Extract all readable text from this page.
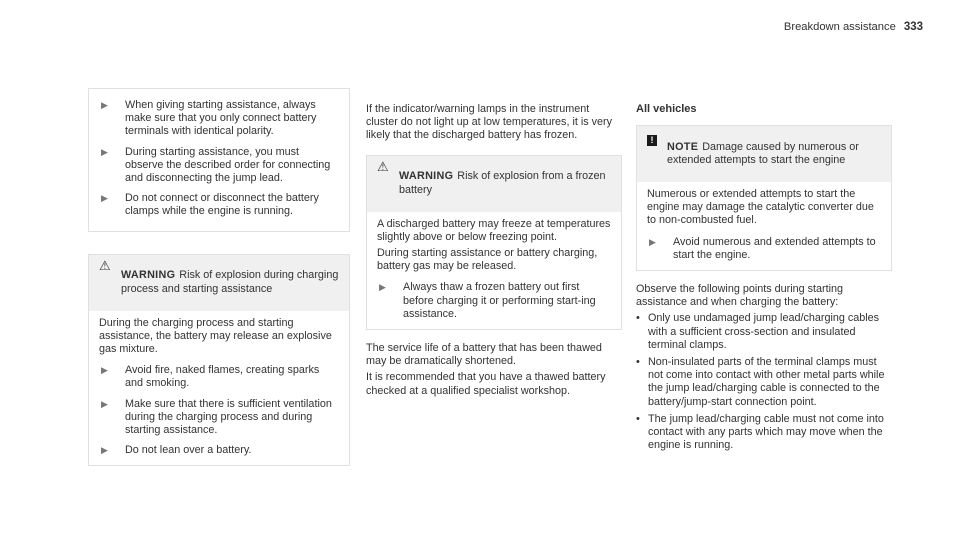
Breakdown assistance 333
▶	When giving starting assistance, always make sure that you only connect battery terminals with identical polarity.

▶	During starting assistance, you must observe the described order for connecting and disconnecting the jump lead.

▶	Do not connect or disconnect the battery clamps while the engine is running.

⚠

WARNING Risk of explosion during charging process and starting assistance

During the charging process and starting assistance, the battery may release an explosive gas mixture.

▶	Avoid fire, naked flames, creating sparks and smoking.

▶	Make sure that there is sufficient ventilation during the charging process and during starting assistance.

▶	Do not lean over a battery.

If the indicator/warning lamps in the instrument cluster do not light up at low temperatures, it is very likely that the discharged battery has frozen.

⚠

WARNING Risk of explosion from a frozen battery

A discharged battery may freeze at temperatures slightly above or below freezing point.

During starting assistance or battery charging, battery gas may be released.

▶	Always thaw a frozen battery out first before charging it or performing start-ing assistance.

The service life of a battery that has been thawed may be dramatically shortened.

It is recommended that you have a thawed battery checked at a qualified specialist workshop.

All vehicles

!

NOTE Damage caused by numerous or extended attempts to start the engine

Numerous or extended attempts to start the engine may damage the catalytic converter due to non-combusted fuel.

▶	Avoid numerous and extended attempts to start the engine.

Observe the following points during starting assistance and when charging the battery:

• Only use undamaged jump lead/charging cables with a sufficient cross-section and insulated terminal clamps.

• Non-insulated parts of the terminal clamps must not come into contact with other metal parts while the jump lead/charging cable is connected to the battery/jump-start connection point.

• The jump lead/charging cable must not come into contact with any parts which may move when the engine is running.
